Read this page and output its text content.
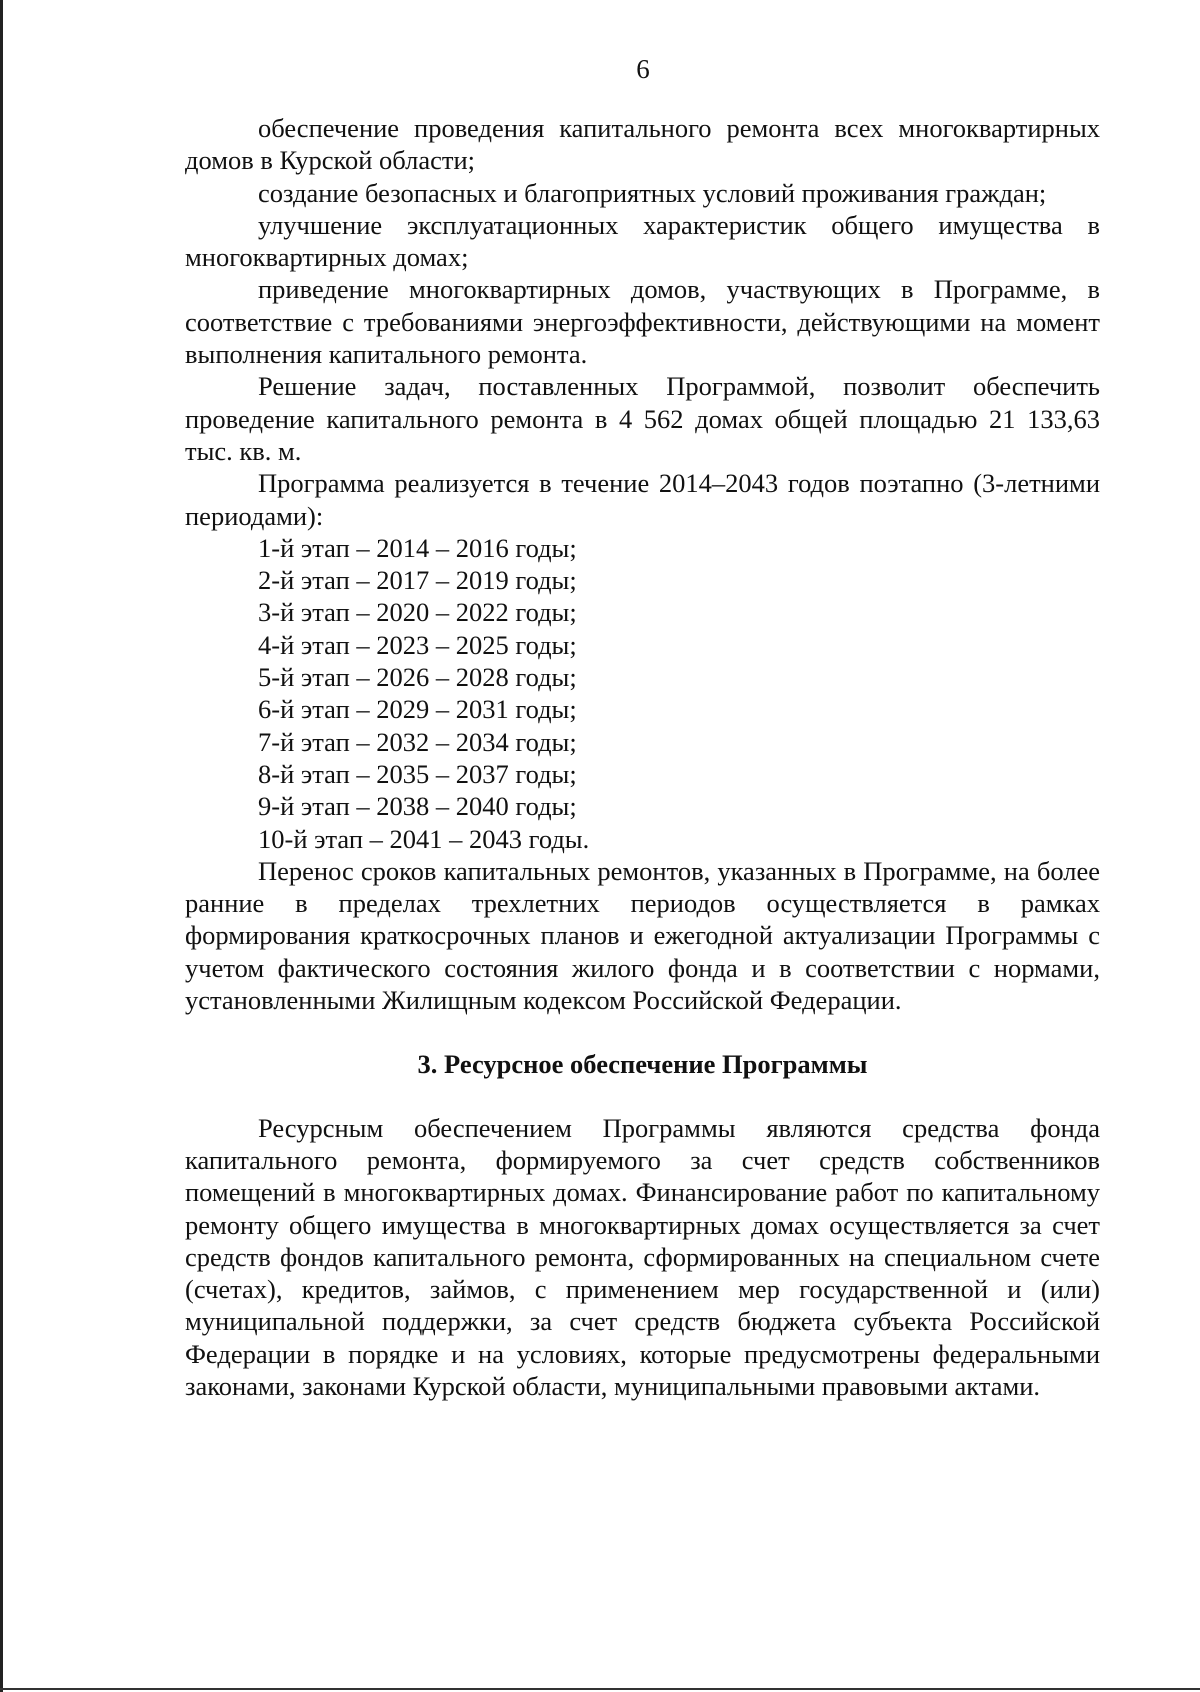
6

обеспечение проведения капитального ремонта всех многоквартирных домов в Курской области;

создание безопасных и благоприятных условий проживания граждан;

улучшение эксплуатационных характеристик общего имущества в многоквартирных домах;

приведение многоквартирных домов, участвующих в Программе, в соответствие с требованиями энергоэффективности, действующими на момент выполнения капитального ремонта.

Решение задач, поставленных Программой, позволит обеспечить проведение капитального ремонта в 4 562 домах общей площадью 21 133,63 тыс. кв. м.

Программа реализуется в течение 2014–2043 годов поэтапно (3-летними периодами):

1-й этап – 2014 – 2016 годы;
2-й этап – 2017 – 2019 годы;
3-й этап – 2020 – 2022 годы;
4-й этап – 2023 – 2025 годы;
5-й этап – 2026 – 2028 годы;
6-й этап – 2029 – 2031 годы;
7-й этап – 2032 – 2034 годы;
8-й этап – 2035 – 2037 годы;
9-й этап – 2038 – 2040 годы;
10-й этап – 2041 – 2043 годы.

Перенос сроков капитальных ремонтов, указанных в Программе, на более ранние в пределах трехлетних периодов осуществляется в рамках формирования краткосрочных планов и ежегодной актуализации Программы с учетом фактического состояния жилого фонда и в соответствии с нормами, установленными Жилищным кодексом Российской Федерации.

3. Ресурсное обеспечение Программы

Ресурсным обеспечением Программы являются средства фонда капитального ремонта, формируемого за счет средств собственников помещений в многоквартирных домах. Финансирование работ по капитальному ремонту общего имущества в многоквартирных домах осуществляется за счет средств фондов капитального ремонта, сформированных на специальном счете (счетах), кредитов, займов, с применением мер государственной и (или) муниципальной поддержки, за счет средств бюджета субъекта Российской Федерации в порядке и на условиях, которые предусмотрены федеральными законами, законами Курской области, муниципальными правовыми актами.
